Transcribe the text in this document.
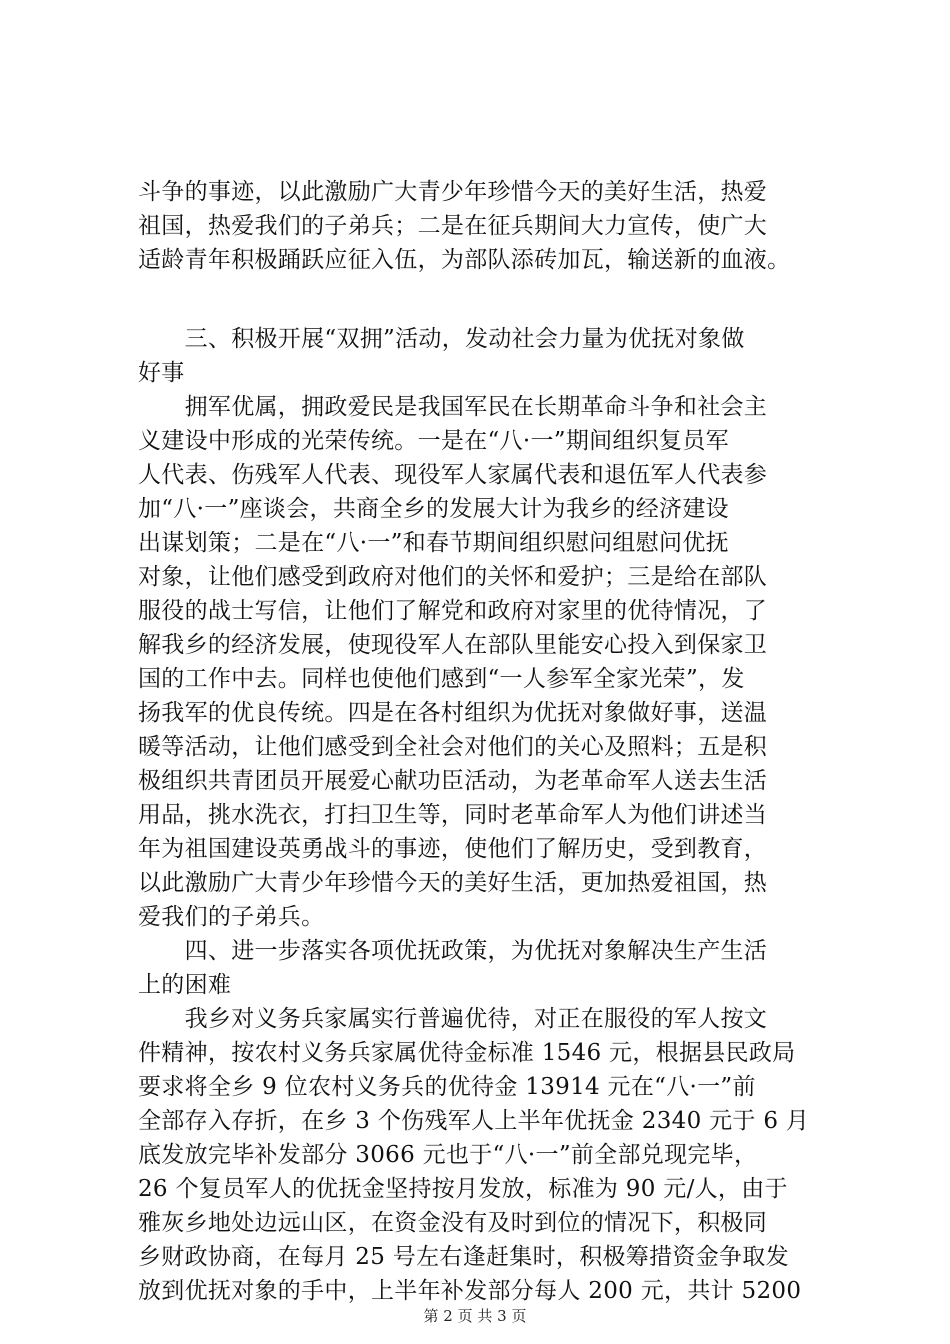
斗争的事迹，以此激励广大青少年珍惜今天的美好生活，热爱
祖国，热爱我们的子弟兵；二是在征兵期间大力宣传，使广大
适龄青年积极踊跃应征入伍，为部队添砖加瓦，输送新的血液。
　　三、积极开展“双拥”活动，发动社会力量为优抚对象做
好事
　　拥军优属，拥政爱民是我国军民在长期革命斗争和社会主
义建设中形成的光荣传统。一是在“八·一”期间组织复员军
人代表、伤残军人代表、现役军人家属代表和退伍军人代表参
加“八·一”座谈会，共商全乡的发展大计为我乡的经济建设
出谋划策；二是在“八·一”和春节期间组织慰问组慰问优抚
对象，让他们感受到政府对他们的关怀和爱护；三是给在部队
服役的战士写信，让他们了解党和政府对家里的优待情况，了
解我乡的经济发展，使现役军人在部队里能安心投入到保家卫
国的工作中去。同样也使他们感到“一人参军全家光荣”，发
扬我军的优良传统。四是在各村组织为优抚对象做好事，送温
暖等活动，让他们感受到全社会对他们的关心及照料；五是积
极组织共青团员开展爱心献功臣活动，为老革命军人送去生活
用品，挑水洗衣，打扫卫生等，同时老革命军人为他们讲述当
年为祖国建设英勇战斗的事迹，使他们了解历史，受到教育，
以此激励广大青少年珍惜今天的美好生活，更加热爱祖国，热
爱我们的子弟兵。
　　四、进一步落实各项优抚政策，为优抚对象解决生产生活
上的困难
　　我乡对义务兵家属实行普遍优待，对正在服役的军人按文
件精神，按农村义务兵家属优待金标准 1546 元，根据县民政局
要求将全乡 9 位农村义务兵的优待金 13914 元在“八·一”前
全部存入存折，在乡 3 个伤残军人上半年优抚金 2340 元于 6 月
底发放完毕补发部分 3066 元也于“八·一”前全部兑现完毕，
26 个复员军人的优抚金坚持按月发放，标准为 90 元/人，由于
雅灰乡地处边远山区，在资金没有及时到位的情况下，积极同
乡财政协商，在每月 25 号左右逢赶集时，积极筹措资金争取发
放到优抚对象的手中，上半年补发部分每人 200 元，共计 5200
第 2 页 共 3 页
